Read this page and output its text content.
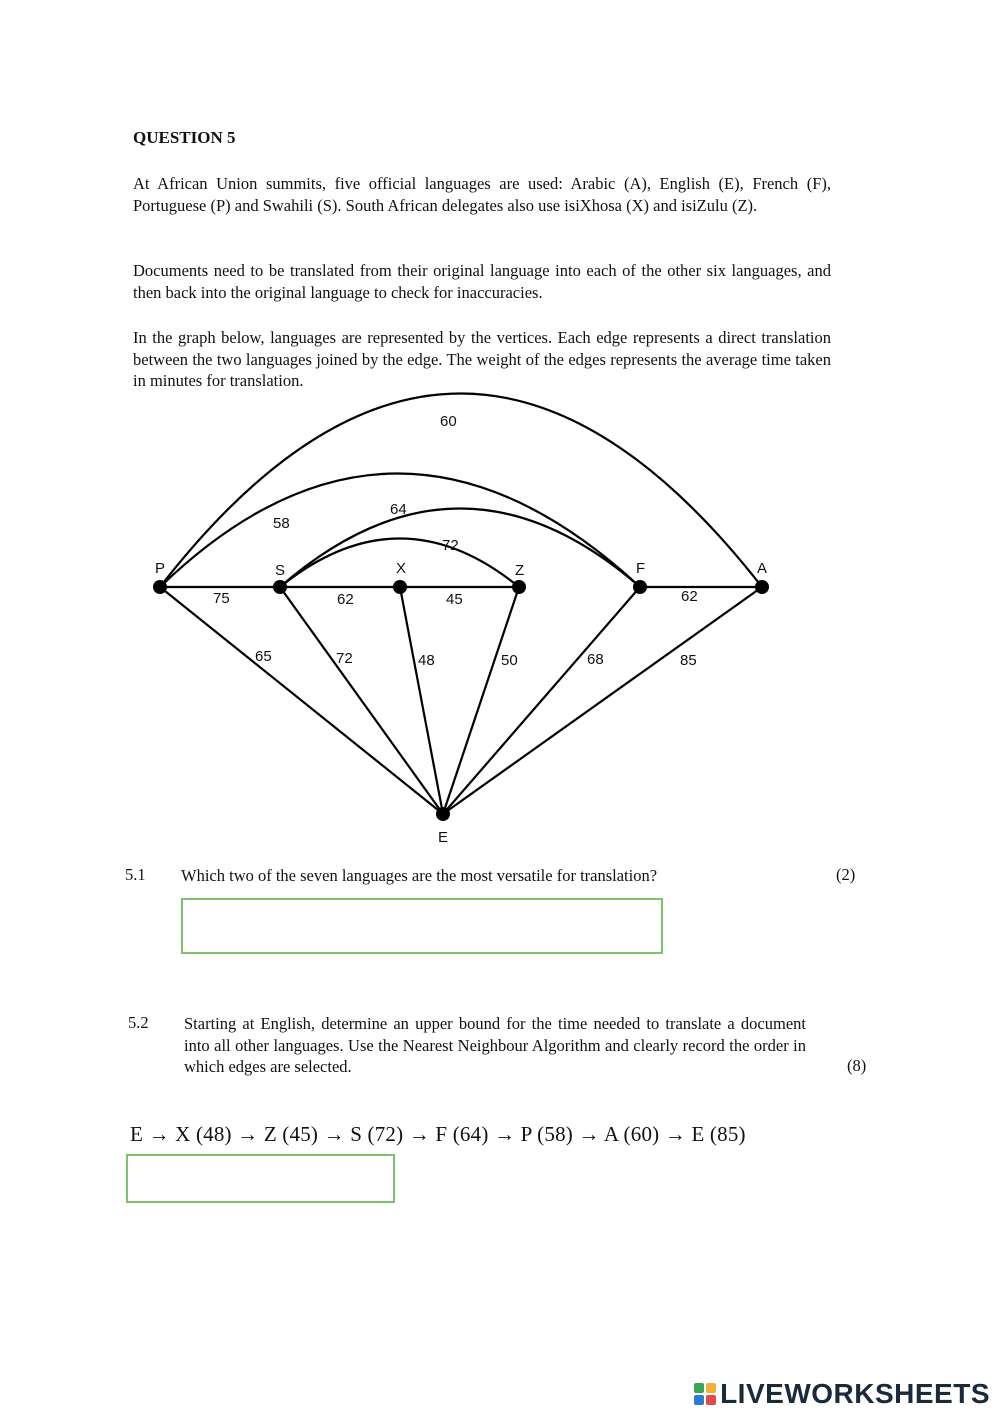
QUESTION 5

At African Union summits, five official languages are used: Arabic (A), English (E), French (F), Portuguese (P) and Swahili (S). South African delegates also use isiXhosa (X) and isiZulu (Z).

Documents need to be translated from their original language into each of the other six languages, and then back into the original language to check for inaccuracies.

In the graph below, languages are represented by the vertices. Each edge represents a direct translation between the two languages joined by the edge. The weight of the edges represents the average time taken in minutes for translation.

P	S	X	Z	F	A
E
60
58
64
72
75	62	45	62
65	72	48	50	68	85
5.1 Which two of the seven languages are the most versatile for translation?	(2)
5.2 Starting at English, determine an upper bound for the time needed to translate a document into all other languages. Use the Nearest Neighbour Algorithm and clearly record the order in which edges are selected.	(8)
E → X (48) → Z (45) → S (72) → F (64) → P (58) → A (60) → E (85)
LIVEWORKSHEETS
